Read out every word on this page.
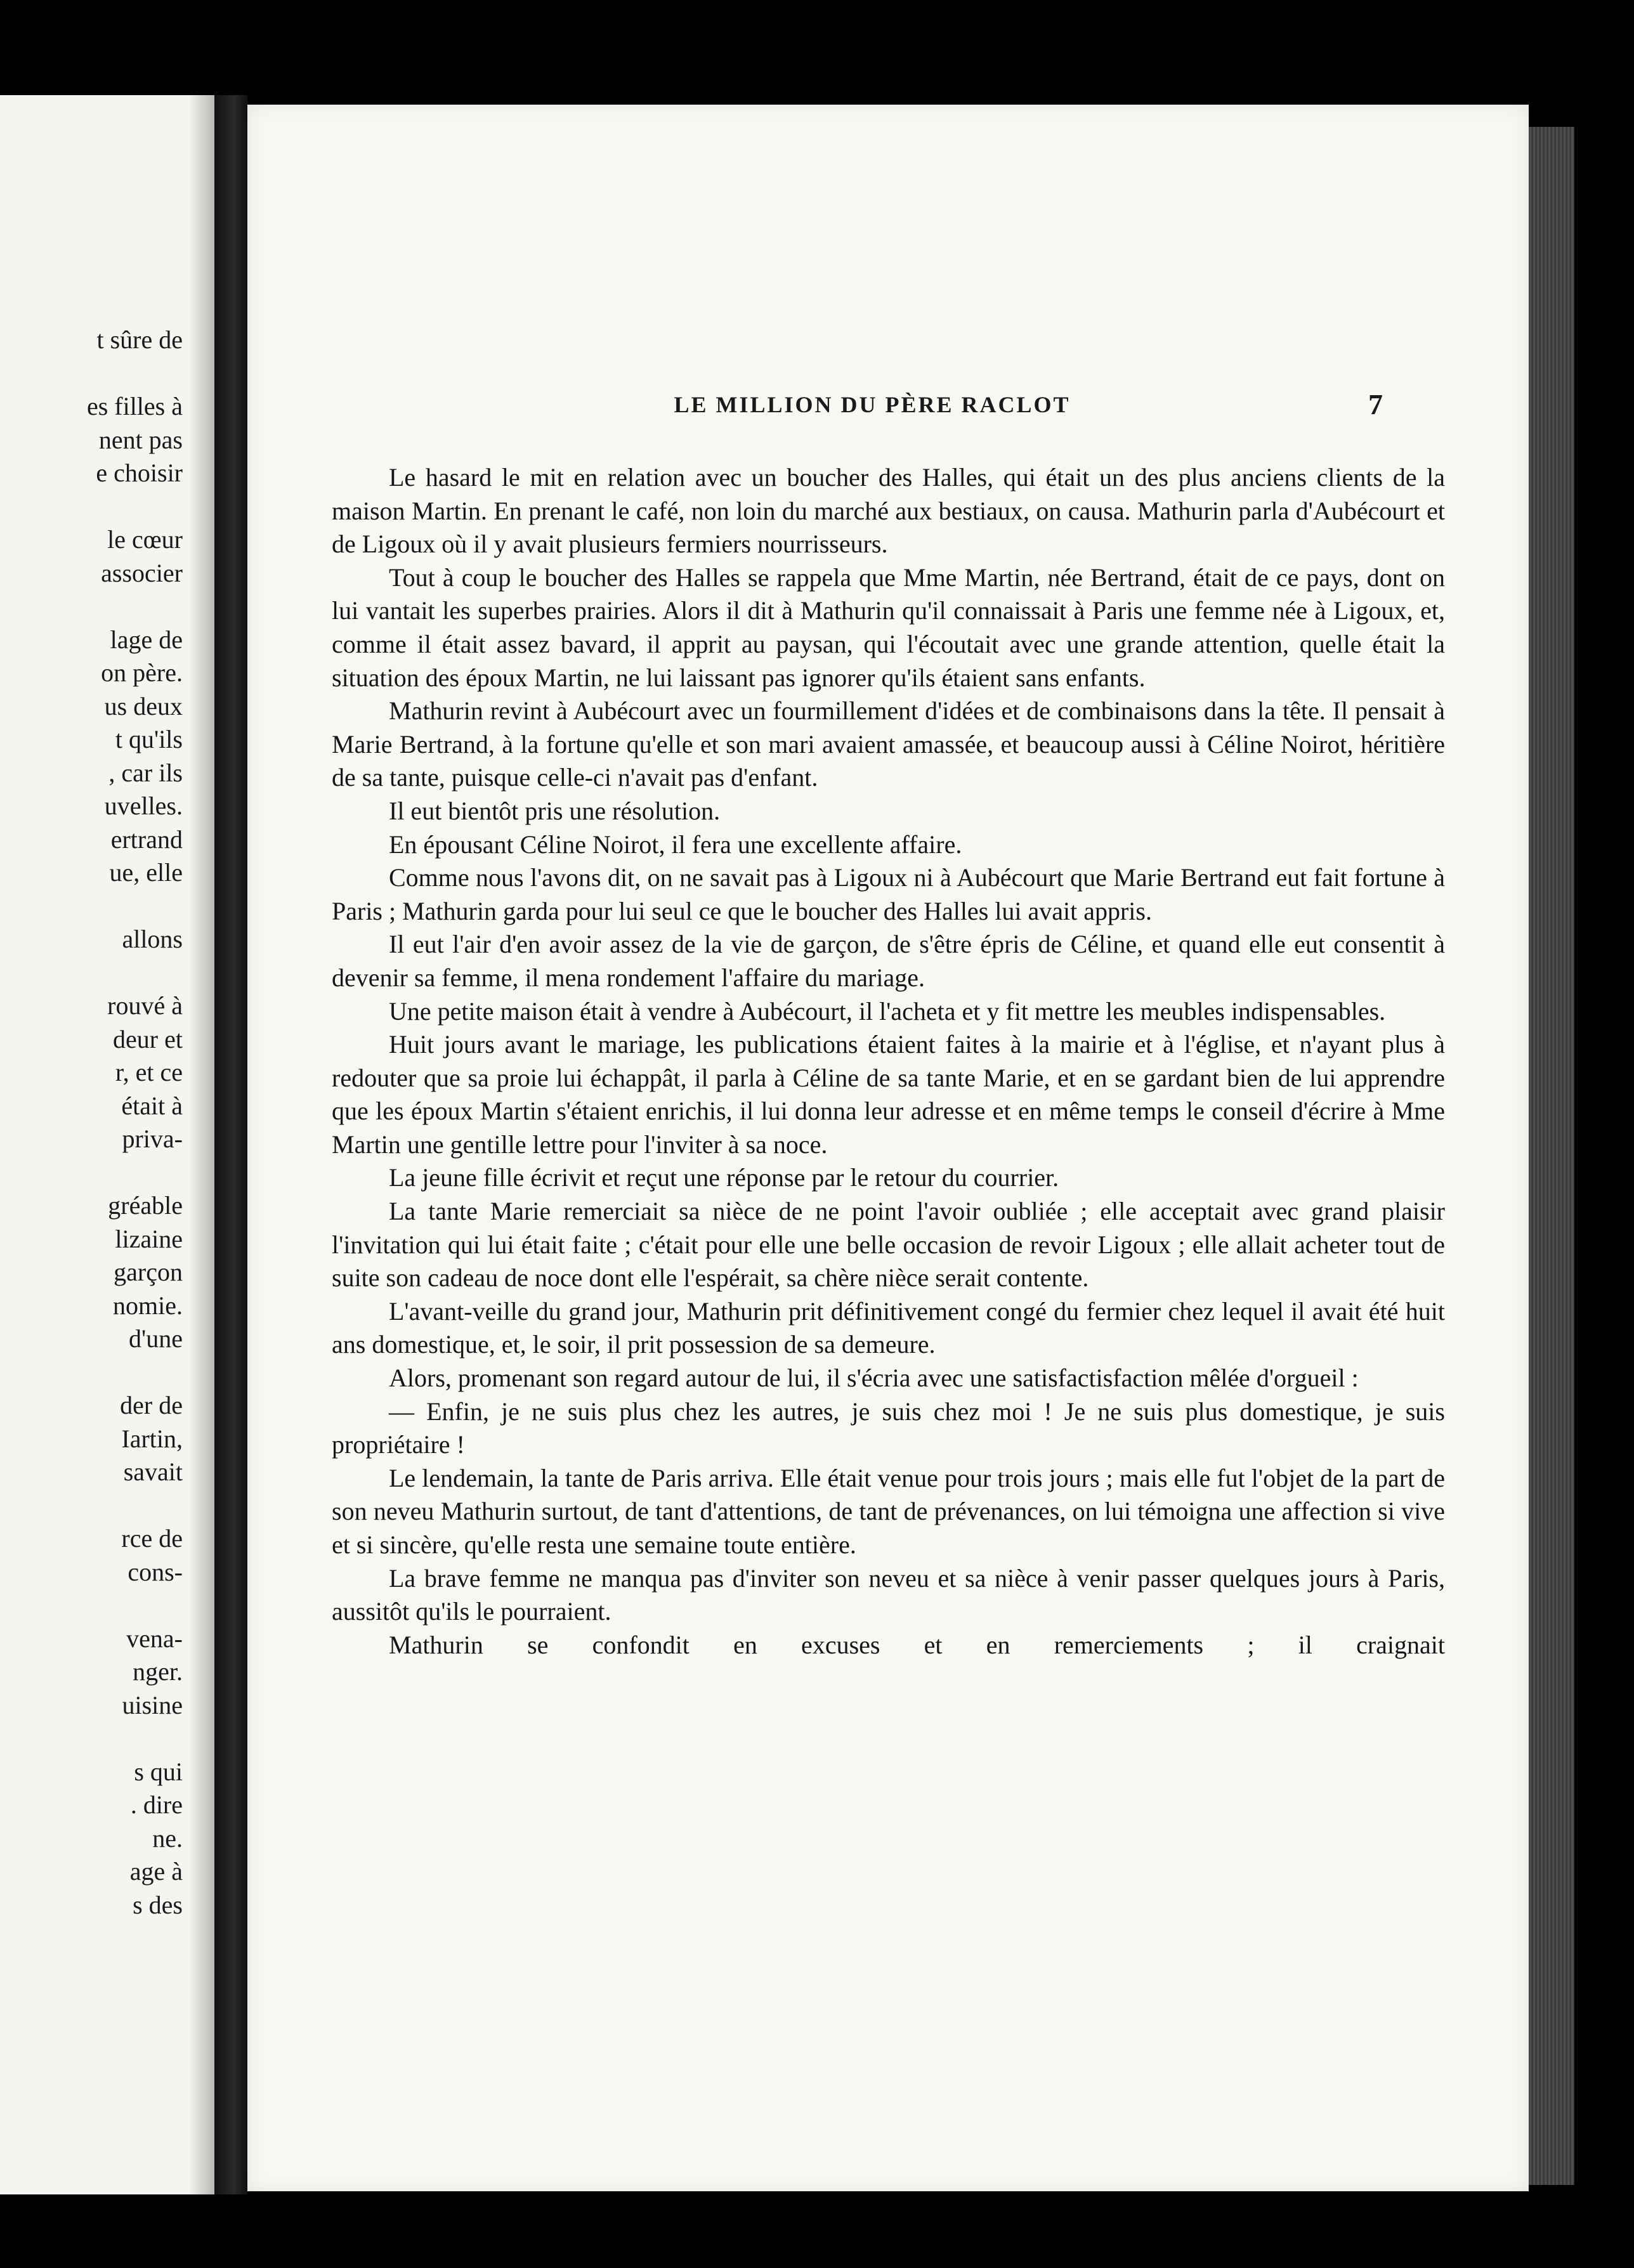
t sûre de
es filles à
nent pas
e choisir
le cœur
associer
lage de
on père.
us deux
t qu'ils
, car ils
uvelles.
ertrand
ue, elle
allons
rouvé à
deur et
r, et ce
était à
priva-
gréable
lizaine
garçon
nomie.
d'une
der de
Iartin,
savait
rce de
cons-
vena-
nger.
uisine
s qui
. dire
ne.
age à
s des
LE MILLION DU PÈRE RACLOT	7

Le hasard le mit en relation avec un boucher des Halles, qui était un des plus anciens clients de la maison Martin. En prenant le café, non loin du marché aux bestiaux, on causa. Mathurin parla d'Aubécourt et de Ligoux où il y avait plusieurs fermiers nourrisseurs.

Tout à coup le boucher des Halles se rappela que Mme Martin, née Bertrand, était de ce pays, dont on lui vantait les superbes prairies. Alors il dit à Mathurin qu'il connaissait à Paris une femme née à Ligoux, et, comme il était assez bavard, il apprit au paysan, qui l'écoutait avec une grande attention, quelle était la situation des époux Martin, ne lui laissant pas ignorer qu'ils étaient sans enfants.

Mathurin revint à Aubécourt avec un fourmillement d'idées et de combinaisons dans la tête. Il pensait à Marie Bertrand, à la fortune qu'elle et son mari avaient amassée, et beaucoup aussi à Céline Noirot, héritière de sa tante, puisque celle-ci n'avait pas d'enfant.

Il eut bientôt pris une résolution.

En épousant Céline Noirot, il fera une excellente affaire.

Comme nous l'avons dit, on ne savait pas à Ligoux ni à Aubécourt que Marie Bertrand eut fait fortune à Paris ; Mathurin garda pour lui seul ce que le boucher des Halles lui avait appris.

Il eut l'air d'en avoir assez de la vie de garçon, de s'être épris de Céline, et quand elle eut consentit à devenir sa femme, il mena rondement l'affaire du mariage.

Une petite maison était à vendre à Aubécourt, il l'acheta et y fit mettre les meubles indispensables.

Huit jours avant le mariage, les publications étaient faites à la mairie et à l'église, et n'ayant plus à redouter que sa proie lui échappât, il parla à Céline de sa tante Marie, et en se gardant bien de lui apprendre que les époux Martin s'étaient enrichis, il lui donna leur adresse et en même temps le conseil d'écrire à Mme Martin une gentille lettre pour l'inviter à sa noce.

La jeune fille écrivit et reçut une réponse par le retour du courrier.

La tante Marie remerciait sa nièce de ne point l'avoir oubliée ; elle acceptait avec grand plaisir l'invitation qui lui était faite ; c'était pour elle une belle occasion de revoir Ligoux ; elle allait acheter tout de suite son cadeau de noce dont elle l'espérait, sa chère nièce serait contente.

L'avant-veille du grand jour, Mathurin prit définitivement congé du fermier chez lequel il avait été huit ans domestique, et, le soir, il prit possession de sa demeure.

Alors, promenant son regard autour de lui, il s'écria avec une satisfactisfaction mêlée d'orgueil :

— Enfin, je ne suis plus chez les autres, je suis chez moi ! Je ne suis plus domestique, je suis propriétaire !

Le lendemain, la tante de Paris arriva. Elle était venue pour trois jours ; mais elle fut l'objet de la part de son neveu Mathurin surtout, de tant d'attentions, de tant de prévenances, on lui témoigna une affection si vive et si sincère, qu'elle resta une semaine toute entière.

La brave femme ne manqua pas d'inviter son neveu et sa nièce à venir passer quelques jours à Paris, aussitôt qu'ils le pourraient.

Mathurin se confondit en excuses et en remerciements ; il craignait
